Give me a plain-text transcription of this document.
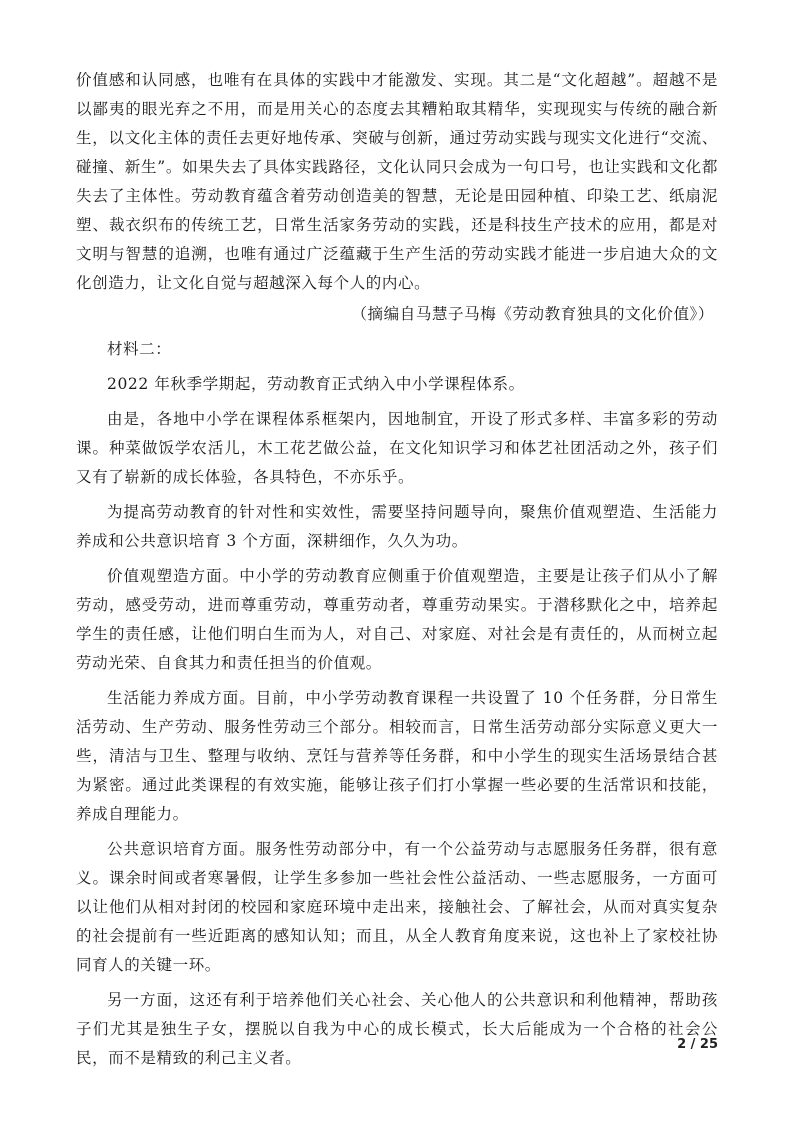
价值感和认同感，也唯有在具体的实践中才能激发、实现。其二是“文化超越”。超越不是以鄙夷的眼光弃之不用，而是用关心的态度去其糟粕取其精华，实现现实与传统的融合新生，以文化主体的责任去更好地传承、突破与创新，通过劳动实践与现实文化进行“交流、碰撞、新生”。如果失去了具体实践路径，文化认同只会成为一句口号，也让实践和文化都失去了主体性。劳动教育蕴含着劳动创造美的智慧，无论是田园种植、印染工艺、纸扇泥塑、裁衣织布的传统工艺，日常生活家务劳动的实践，还是科技生产技术的应用，都是对文明与智慧的追溯，也唯有通过广泛蕴藏于生产生活的劳动实践才能进一步启迪大众的文化创造力，让文化自觉与超越深入每个人的内心。

（摘编自马慧子马梅《劳动教育独具的文化价值》）

材料二：

2022 年秋季学期起，劳动教育正式纳入中小学课程体系。

由是，各地中小学在课程体系框架内，因地制宜，开设了形式多样、丰富多彩的劳动课。种菜做饭学农活儿，木工花艺做公益，在文化知识学习和体艺社团活动之外，孩子们又有了崭新的成长体验，各具特色，不亦乐乎。

为提高劳动教育的针对性和实效性，需要坚持问题导向，聚焦价值观塑造、生活能力养成和公共意识培育 3 个方面，深耕细作，久久为功。

价值观塑造方面。中小学的劳动教育应侧重于价值观塑造，主要是让孩子们从小了解劳动，感受劳动，进而尊重劳动，尊重劳动者，尊重劳动果实。于潜移默化之中，培养起学生的责任感，让他们明白生而为人，对自己、对家庭、对社会是有责任的，从而树立起劳动光荣、自食其力和责任担当的价值观。

生活能力养成方面。目前，中小学劳动教育课程一共设置了 10 个任务群，分日常生活劳动、生产劳动、服务性劳动三个部分。相较而言，日常生活劳动部分实际意义更大一些，清洁与卫生、整理与收纳、烹饪与营养等任务群，和中小学生的现实生活场景结合甚为紧密。通过此类课程的有效实施，能够让孩子们打小掌握一些必要的生活常识和技能，养成自理能力。

公共意识培育方面。服务性劳动部分中，有一个公益劳动与志愿服务任务群，很有意义。课余时间或者寒暑假，让学生多参加一些社会性公益活动、一些志愿服务，一方面可以让他们从相对封闭的校园和家庭环境中走出来，接触社会、了解社会，从而对真实复杂的社会提前有一些近距离的感知认知；而且，从全人教育角度来说，这也补上了家校社协同育人的关键一环。

另一方面，这还有利于培养他们关心社会、关心他人的公共意识和利他精神，帮助孩子们尤其是独生子女，摆脱以自我为中心的成长模式，长大后能成为一个合格的社会公民，而不是精致的利己主义者。

2 / 25
